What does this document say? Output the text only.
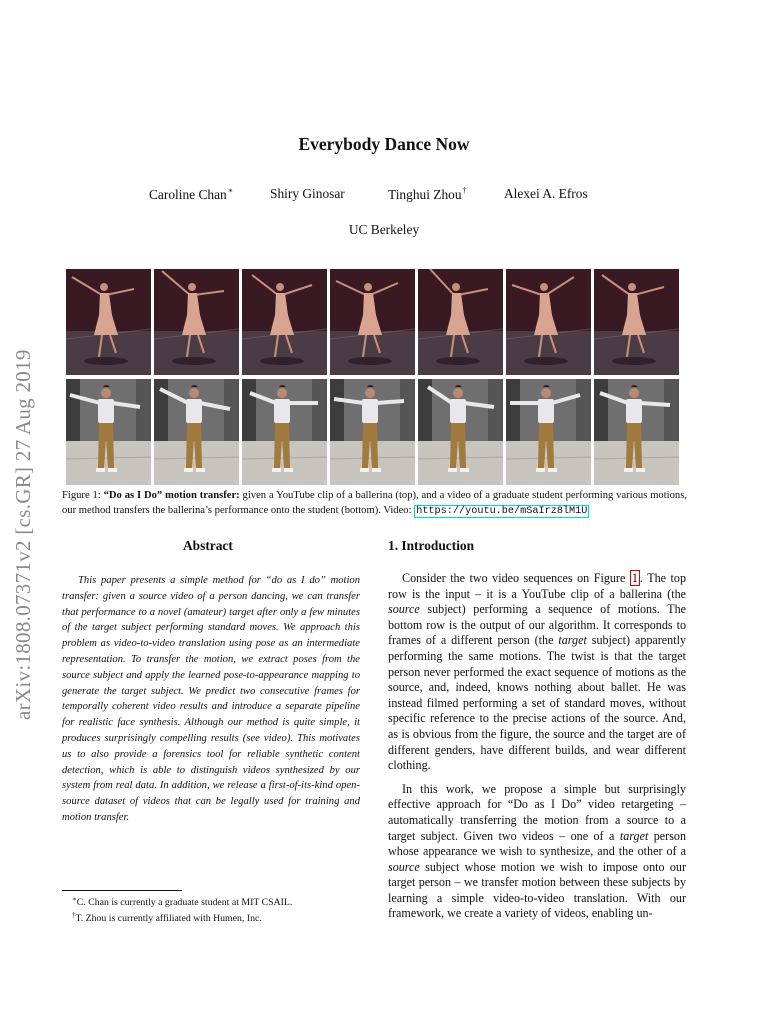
arXiv:1808.07371v2 [cs.GR] 27 Aug 2019
Everybody Dance Now
Caroline Chan∗	Shiry Ginosar	Tinghui Zhou†	Alexei A. Efros
UC Berkeley
Figure 1: “Do as I Do” motion transfer: given a YouTube clip of a ballerina (top), and a video of a graduate student performing various motions, our method transfers the ballerina’s performance onto the student (bottom). Video: https://youtu.be/mSaIrz8lM1U
Abstract

This paper presents a simple method for “do as I do” motion transfer: given a source video of a person dancing, we can transfer that performance to a novel (amateur) target after only a few minutes of the target subject performing standard moves. We approach this problem as video-to-video translation using pose as an intermediate representation. To transfer the motion, we extract poses from the source subject and apply the learned pose-to-appearance mapping to generate the target subject. We predict two consecutive frames for temporally coherent video results and introduce a separate pipeline for realistic face synthesis. Although our method is quite simple, it produces surprisingly compelling results (see video). This motivates us to also provide a forensics tool for reliable synthetic content detection, which is able to distinguish videos synthesized by our system from real data. In addition, we release a first-of-its-kind open-source dataset of videos that can be legally used for training and motion transfer.

1. Introduction

Consider the two video sequences on Figure 1 . The top row is the input – it is a YouTube clip of a ballerina (the source subject) performing a sequence of motions. The bottom row is the output of our algorithm. It corresponds to frames of a different person (the target subject) apparently performing the same motions. The twist is that the target person never performed the exact sequence of motions as the source, and, indeed, knows nothing about ballet. He was instead filmed performing a set of standard moves, without specific reference to the precise actions of the source. And, as is obvious from the figure, the source and the target are of different genders, have different builds, and wear different clothing.

In this work, we propose a simple but surprisingly effective approach for “Do as I Do” video retargeting – automatically transferring the motion from a source to a target subject. Given two videos – one of a target person whose appearance we wish to synthesize, and the other of a source subject whose motion we wish to impose onto our target person – we transfer motion between these subjects by learning a simple video-to-video translation. With our framework, we create a variety of videos, enabling un-

∗C. Chan is currently a graduate student at MIT CSAIL.
†T. Zhou is currently affiliated with Humen, Inc.
